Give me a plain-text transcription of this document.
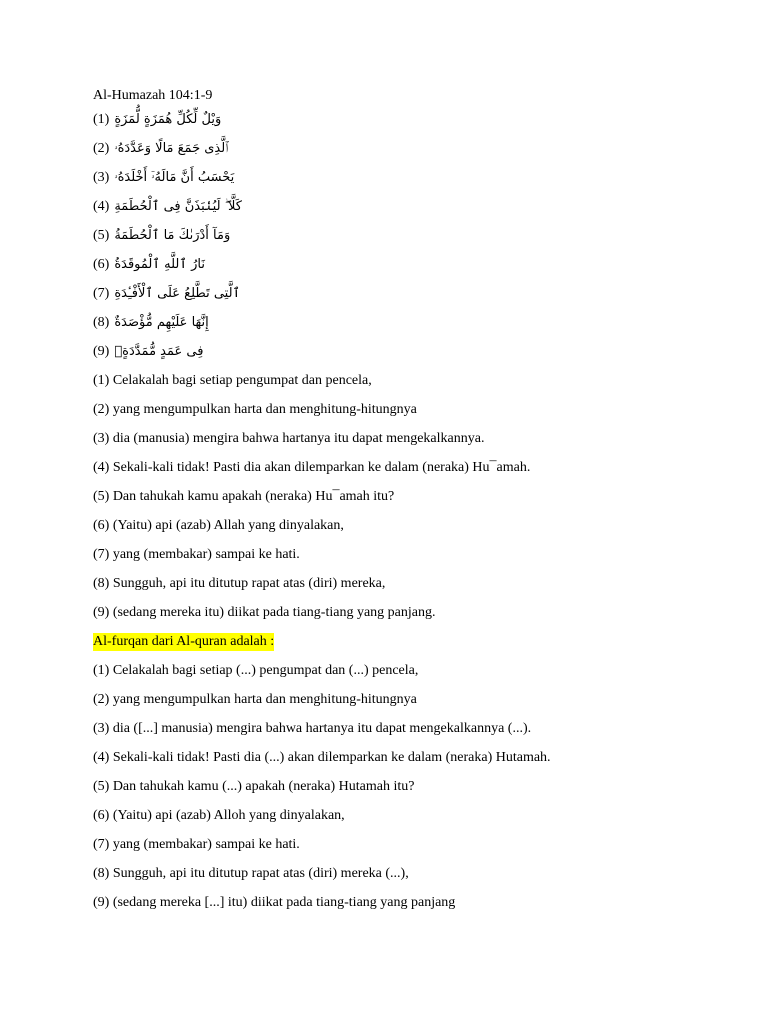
Al-Humazah 104:1-9
(1) وَيْلٌ لِّكُلِّ هُمَزَةٍ لُّمَزَةٍ
(2) ٱلَّذِى جَمَعَ مَالًا وَعَدَّدَهُۥ
(3) يَحْسَبُ أَنَّ مَالَهُۥٓ أَخْلَدَهُۥ
(4) كَلَّا ۖ لَيُنۢبَذَنَّ فِى ٱلْحُطَمَةِ
(5) وَمَآ أَدْرَىٰكَ مَا ٱلْحُطَمَةُ
(6) نَارُ ٱللَّهِ ٱلْمُوقَدَةُ
(7) ٱلَّتِى تَطَّلِعُ عَلَى ٱلْأَفْـِٔدَةِ
(8) إِنَّهَا عَلَيْهِم مُّؤْصَدَةٌ
(9) فِى عَمَدٍ مُّمَدَّدَةٍۭ
(1) Celakalah bagi setiap pengumpat dan pencela,
(2) yang mengumpulkan harta dan menghitung-hitungnya
(3) dia (manusia) mengira bahwa hartanya itu dapat mengekalkannya.
(4) Sekali-kali tidak! Pasti dia akan dilemparkan ke dalam (neraka) Hu¯amah.
(5) Dan tahukah kamu apakah (neraka) Hu¯amah itu?
(6) (Yaitu) api (azab) Allah yang dinyalakan,
(7) yang (membakar) sampai ke hati.
(8) Sungguh, api itu ditutup rapat atas (diri) mereka,
(9) (sedang mereka itu) diikat pada tiang-tiang yang panjang.
Al-furqan dari Al-quran adalah :
(1) Celakalah bagi setiap (...) pengumpat dan (...) pencela,
(2) yang mengumpulkan harta dan menghitung-hitungnya
(3) dia ([...] manusia) mengira bahwa hartanya itu dapat mengekalkannya (...).
(4) Sekali-kali tidak! Pasti dia (...) akan dilemparkan ke dalam (neraka) Hutamah.
(5) Dan tahukah kamu (...) apakah (neraka) Hutamah itu?
(6) (Yaitu) api (azab) Alloh yang dinyalakan,
(7) yang (membakar) sampai ke hati.
(8) Sungguh, api itu ditutup rapat atas (diri) mereka (...),
(9) (sedang mereka [...] itu) diikat pada tiang-tiang yang panjang
